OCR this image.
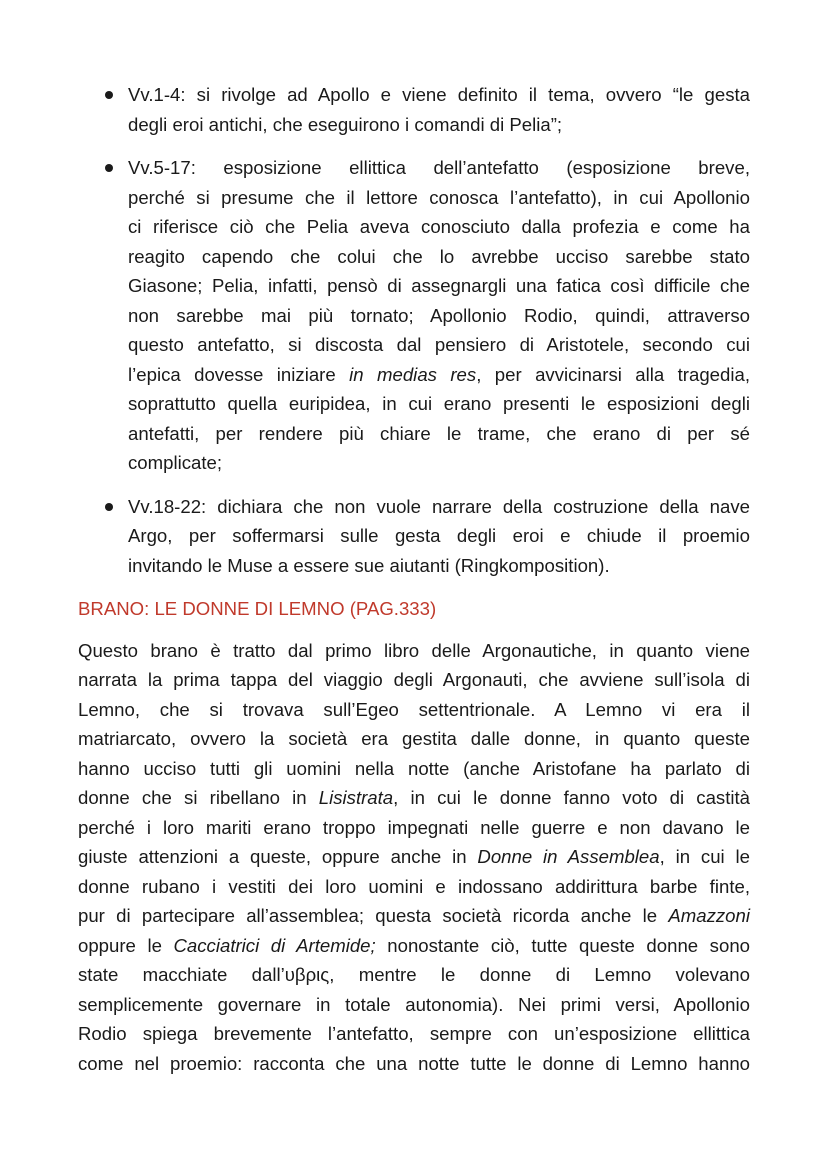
Vv.1-4: si rivolge ad Apollo e viene definito il tema, ovvero “le gesta
degli eroi antichi, che eseguirono i comandi di Pelia”;
Vv.5-17: esposizione ellittica dell’antefatto (esposizione breve,
perché si presume che il lettore conosca l’antefatto), in cui Apollonio
ci riferisce ciò che Pelia aveva conosciuto dalla profezia e come ha
reagito capendo che colui che lo avrebbe ucciso sarebbe stato
Giasone; Pelia, infatti, pensò di assegnargli una fatica così difficile che
non sarebbe mai più tornato; Apollonio Rodio, quindi, attraverso
questo antefatto, si discosta dal pensiero di Aristotele, secondo cui
l’epica dovesse iniziare in medias res, per avvicinarsi alla tragedia,
soprattutto quella euripidea, in cui erano presenti le esposizioni degli
antefatti, per rendere più chiare le trame, che erano di per sé
complicate;
Vv.18-22: dichiara che non vuole narrare della costruzione della nave
Argo, per soffermarsi sulle gesta degli eroi e chiude il proemio
invitando le Muse a essere sue aiutanti (Ringkomposition).
BRANO: LE DONNE DI LEMNO (PAG.333)
Questo brano è tratto dal primo libro delle Argonautiche, in quanto viene
narrata la prima tappa del viaggio degli Argonauti, che avviene sull’isola di
Lemno, che si trovava sull’Egeo settentrionale. A Lemno vi era il
matriarcato, ovvero la società era gestita dalle donne, in quanto queste
hanno ucciso tutti gli uomini nella notte (anche Aristofane ha parlato di
donne che si ribellano in Lisistrata, in cui le donne fanno voto di castità
perché i loro mariti erano troppo impegnati nelle guerre e non davano le
giuste attenzioni a queste, oppure anche in Donne in Assemblea, in cui le
donne rubano i vestiti dei loro uomini e indossano addirittura barbe finte,
pur di partecipare all’assemblea; questa società ricorda anche le Amazzoni
oppure le Cacciatrici di Artemide; nonostante ciò, tutte queste donne sono
state macchiate dall’υβρις, mentre le donne di Lemno volevano
semplicemente governare in totale autonomia). Nei primi versi, Apollonio
Rodio spiega brevemente l’antefatto, sempre con un’esposizione ellittica
come nel proemio: racconta che una notte tutte le donne di Lemno hanno
